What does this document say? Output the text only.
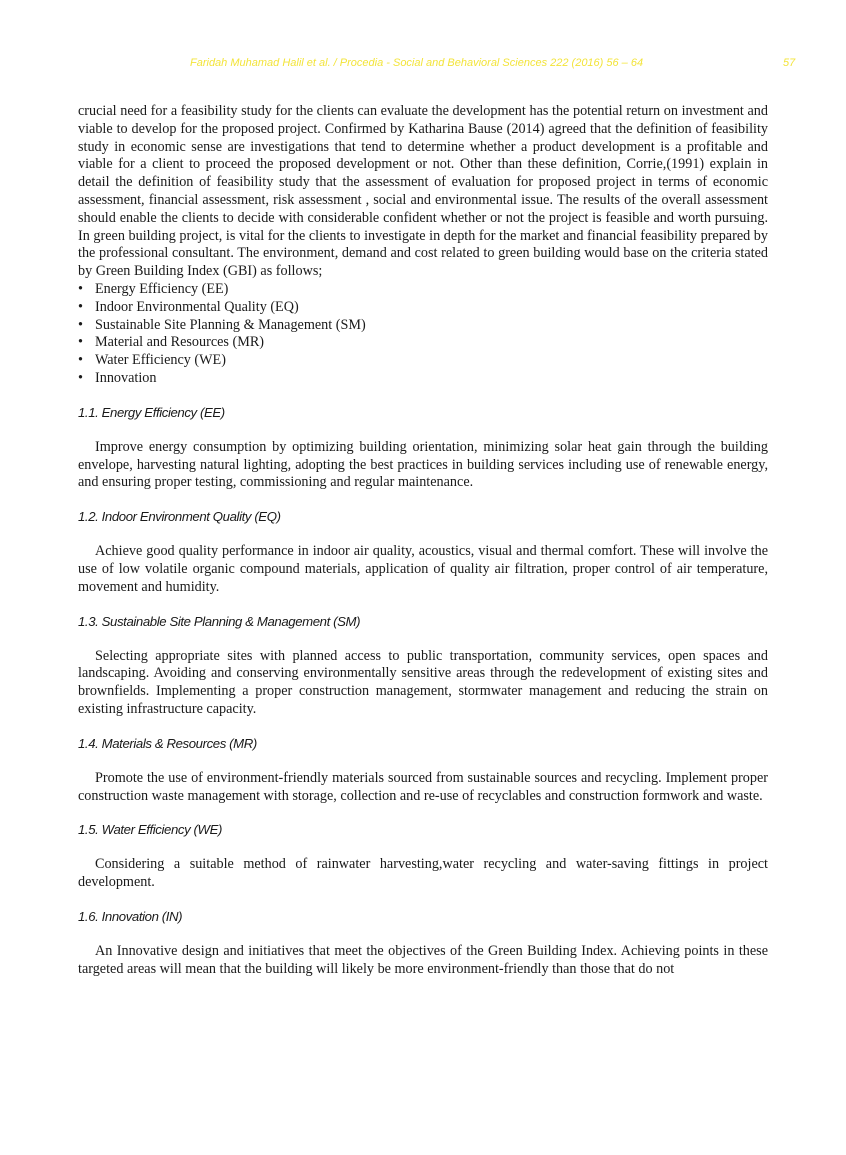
Faridah Muhamad Halil et al. / Procedia - Social and Behavioral Sciences 222 (2016) 56 – 64	57

crucial need for a feasibility study for the clients can evaluate the development has the potential return on investment and viable to develop for the proposed project. Confirmed by Katharina Bause (2014) agreed that the definition of feasibility study in economic sense are investigations that tend to determine whether a product development is a profitable and viable for a client to proceed the proposed development or not. Other than these definition, Corrie,(1991) explain in detail the definition of feasibility study that the assessment of evaluation for proposed project in terms of economic assessment, financial assessment, risk assessment , social and environmental issue. The results of the overall assessment should enable the clients to decide with considerable confident whether or not the project is feasible and worth pursuing. In green building project, is vital for the clients to investigate in depth for the market and financial feasibility prepared by the professional consultant. The environment, demand and cost related to green building would base on the criteria stated by Green Building Index (GBI) as follows;

• Energy Efficiency (EE)
• Indoor Environmental Quality (EQ)
• Sustainable Site Planning & Management (SM)
• Material and Resources (MR)
• Water Efficiency (WE)
• Innovation
1.1. Energy Efficiency (EE)

Improve energy consumption by optimizing building orientation, minimizing solar heat gain through the building envelope, harvesting natural lighting, adopting the best practices in building services including use of renewable energy, and ensuring proper testing, commissioning and regular maintenance.

1.2. Indoor Environment Quality (EQ)

Achieve good quality performance in indoor air quality, acoustics, visual and thermal comfort. These will involve the use of low volatile organic compound materials, application of quality air filtration, proper control of air temperature, movement and humidity.

1.3. Sustainable Site Planning & Management (SM)

Selecting appropriate sites with planned access to public transportation, community services, open spaces and landscaping. Avoiding and conserving environmentally sensitive areas through the redevelopment of existing sites and brownfields. Implementing a proper construction management, stormwater management and reducing the strain on existing infrastructure capacity.

1.4. Materials & Resources (MR)

Promote the use of environment-friendly materials sourced from sustainable sources and recycling. Implement proper construction waste management with storage, collection and re-use of recyclables and construction formwork and waste.

1.5. Water Efficiency (WE)

Considering a suitable method of rainwater harvesting,water recycling and water-saving fittings in project development.

1.6. Innovation (IN)

An Innovative design and initiatives that meet the objectives of the Green Building Index. Achieving points in these targeted areas will mean that the building will likely be more environment-friendly than those that do not
